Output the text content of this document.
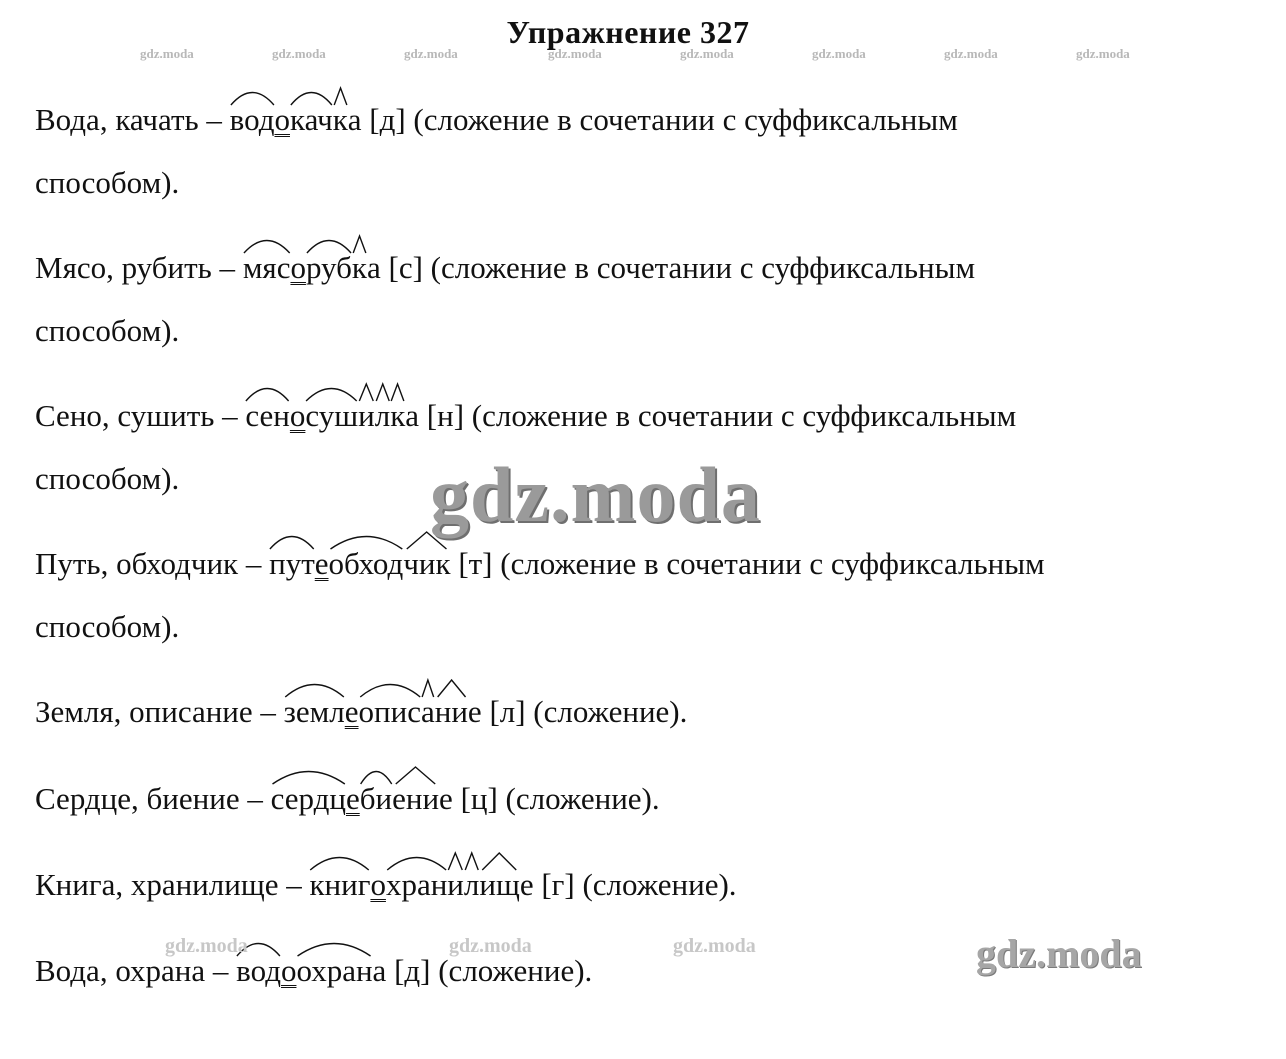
Упражнение 327
gdz.moda	gdz.moda	gdz.moda	gdz.moda	gdz.moda	gdz.moda	gdz.moda	gdz.moda
Вода, качать – вод
окач
к
а [д] (сложение в сочетании с суффиксальным
способом).
Мясо, рубить – мяс
оруб
к
а [с] (сложение в сочетании с суффиксальным
способом).
Сено, сушить – сен
осуш
и
л
к
а [н] (сложение в сочетании с суффиксальным
способом).
Путь, обходчик – пут
еобход
чик
[т] (сложение в сочетании с суффиксальным
способом).
Земля, описание – земл
еопис
а
ни
е [л] (сложение).
Сердце, биение – сердц
еби
ени
е [ц] (сложение).
Книга, хранилище – книг
охран
и
л
ищ
е [г] (сложение).
Вода, охрана – вод
оохран
а [д] (сложение).
gdz.moda
gdz.moda
gdz.moda	gdz.moda	gdz.moda
